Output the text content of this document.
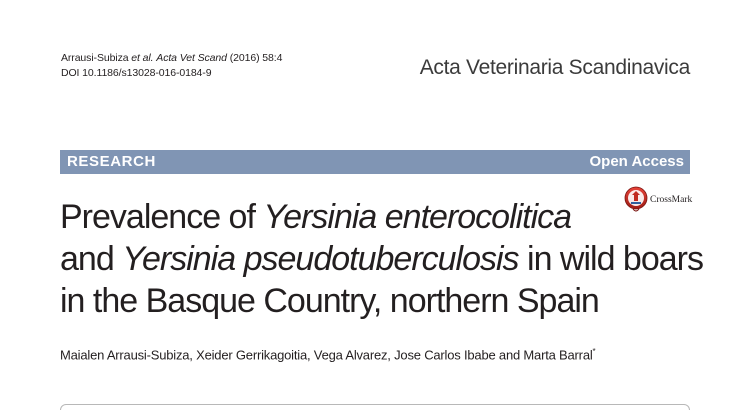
Arrausi-Subiza et al. Acta Vet Scand (2016) 58:4
DOI 10.1186/s13028-016-0184-9	Acta Veterinaria Scandinavica
RESEARCH	Open Access
CrossMark
Prevalence of Yersinia enterocolitica
and Yersinia pseudotuberculosis in wild boars
in the Basque Country, northern Spain
Maialen Arrausi-Subiza, Xeider Gerrikagoitia, Vega Alvarez, Jose Carlos Ibabe and Marta Barral*
